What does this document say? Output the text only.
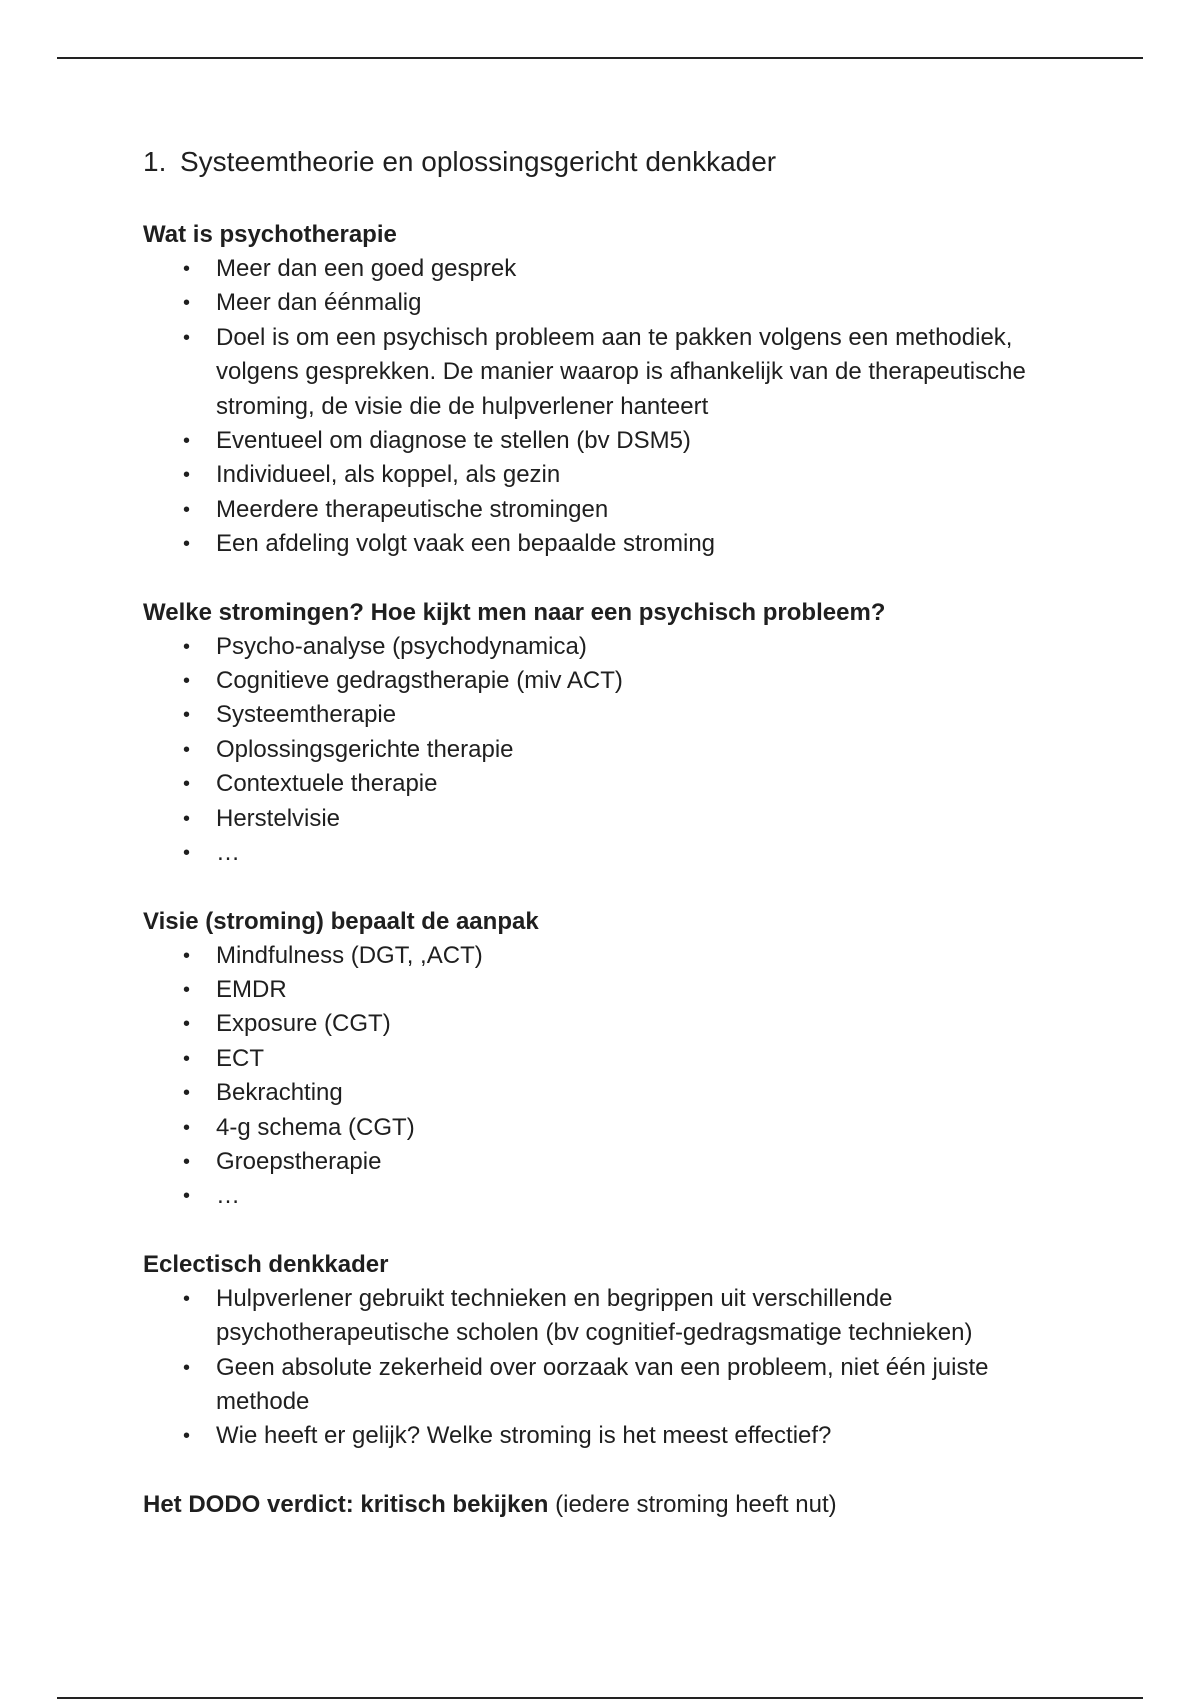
1. Systeemtheorie en oplossingsgericht denkkader
Wat is psychotherapie
•	Meer dan een goed gesprek
•	Meer dan éénmalig
•	Doel is om een psychisch probleem aan te pakken volgens een methodiek, volgens gesprekken. De manier waarop is afhankelijk van de therapeutische stroming, de visie die de hulpverlener hanteert
•	Eventueel om diagnose te stellen (bv DSM5)
•	Individueel, als koppel, als gezin
•	Meerdere therapeutische stromingen
•	Een afdeling volgt vaak een bepaalde stroming
Welke stromingen? Hoe kijkt men naar een psychisch probleem?
•	Psycho-analyse (psychodynamica)
•	Cognitieve gedragstherapie (miv ACT)
•	Systeemtherapie
•	Oplossingsgerichte therapie
•	Contextuele therapie
•	Herstelvisie
•	…
Visie (stroming) bepaalt de aanpak
•	Mindfulness (DGT, ,ACT)
•	EMDR
•	Exposure (CGT)
•	ECT
•	Bekrachting
•	4-g schema (CGT)
•	Groepstherapie
•	…
Eclectisch denkkader
•	Hulpverlener gebruikt technieken en begrippen uit verschillende psychotherapeutische scholen (bv cognitief-gedragsmatige technieken)
•	Geen absolute zekerheid over oorzaak van een probleem, niet één juiste methode
•	Wie heeft er gelijk? Welke stroming is het meest effectief?

Het DODO verdict: kritisch bekijken (iedere stroming heeft nut)
